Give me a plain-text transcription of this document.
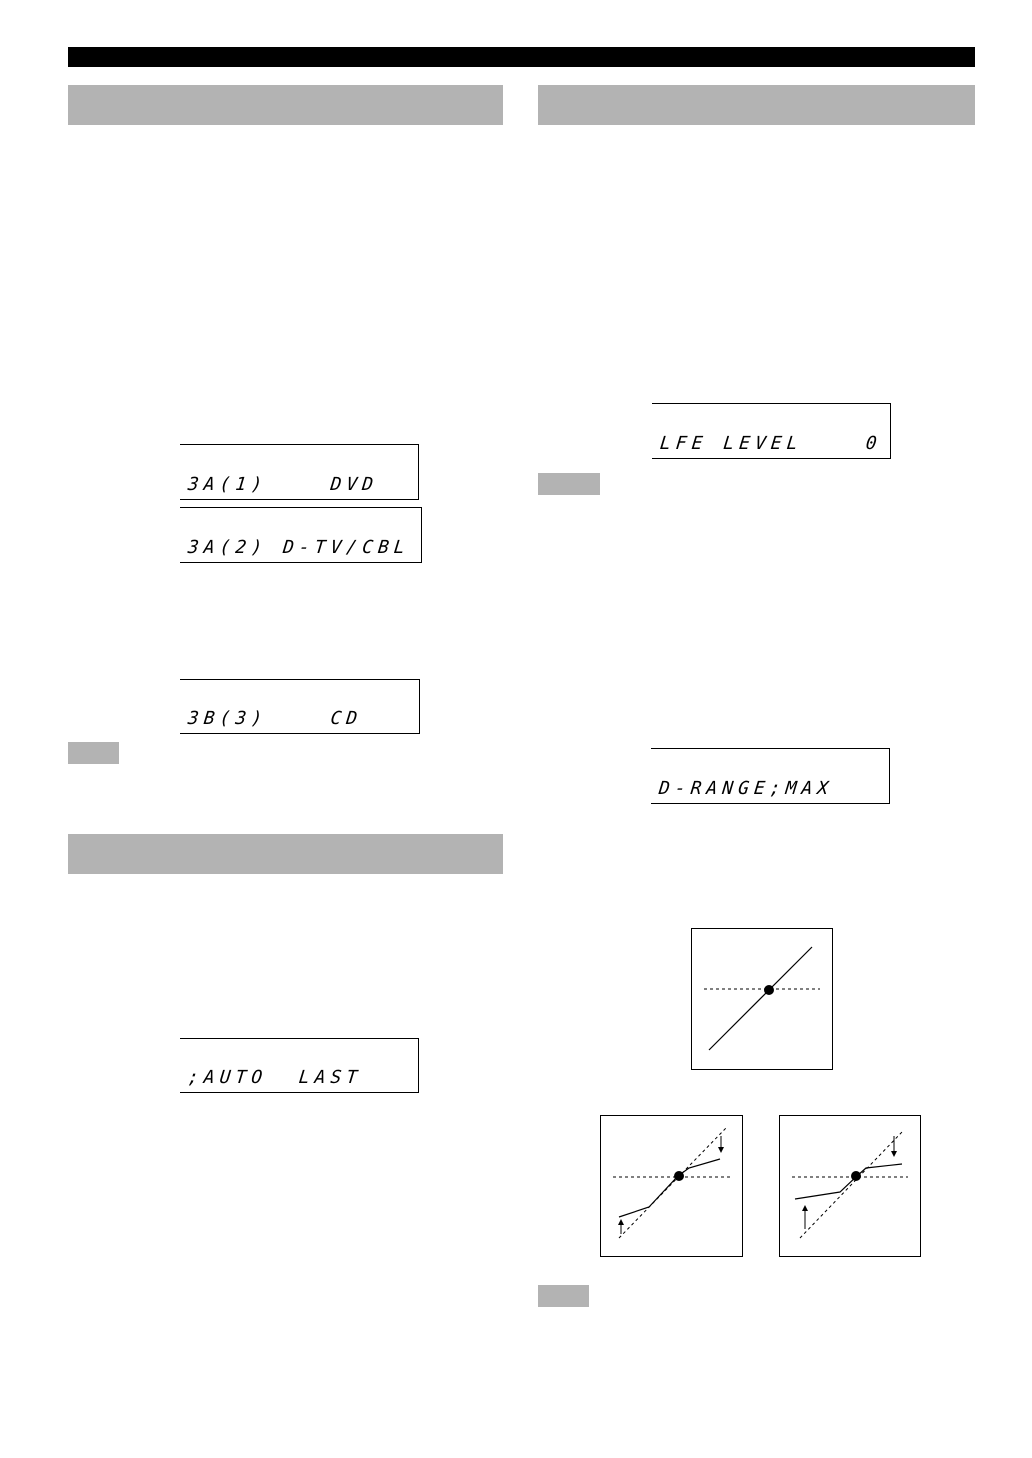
3A(1)    DVD
3A(2) D-TV/CBL
3B(3)    CD
;AUTO  LAST
LFE LEVEL    0
D-RANGE;MAX
